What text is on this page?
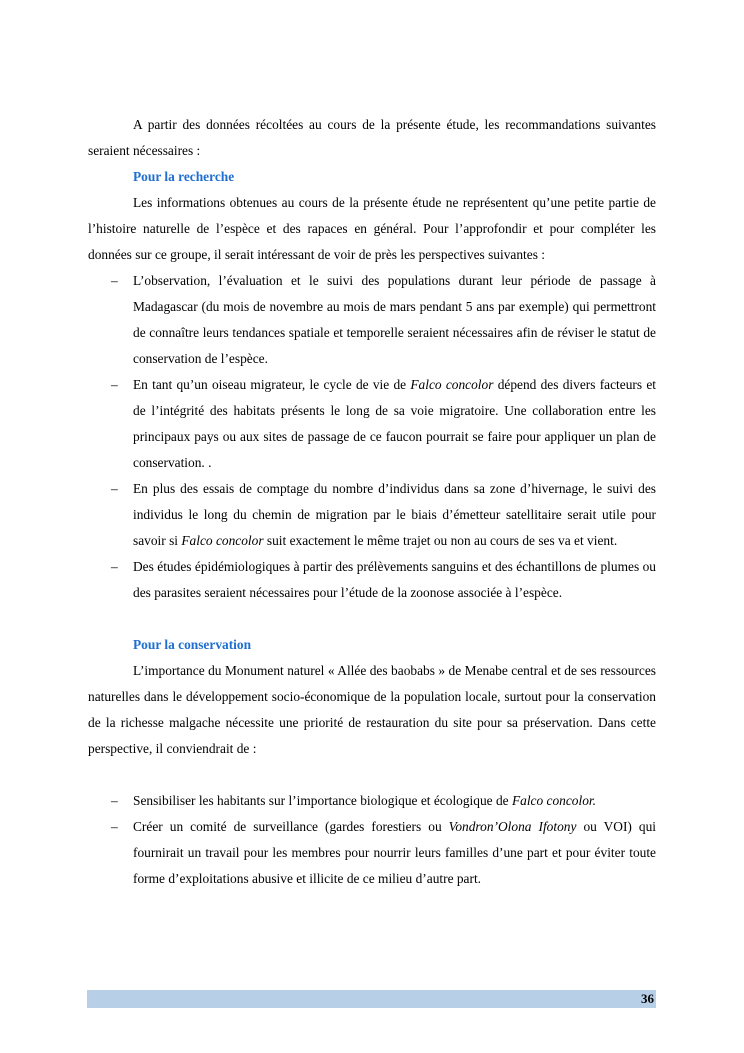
A partir des données récoltées au cours de la présente étude, les recommandations suivantes seraient nécessaires :

Pour la recherche

Les informations obtenues au cours de la présente étude ne représentent qu’une petite partie de l’histoire naturelle de l’espèce et des rapaces en général. Pour l’approfondir et pour compléter les données sur ce groupe, il serait intéressant de voir de près les perspectives suivantes :

– L’observation, l’évaluation et le suivi des populations durant leur période de passage à Madagascar (du mois de novembre au mois de mars pendant 5 ans par exemple) qui permettront de connaître leurs tendances spatiale et temporelle seraient nécessaires afin de réviser le statut de conservation de l’espèce.
– En tant qu’un oiseau migrateur, le cycle de vie de Falco concolor dépend des divers facteurs et de l’intégrité des habitats présents le long de sa voie migratoire. Une collaboration entre les principaux pays ou aux sites de passage de ce faucon pourrait se faire pour appliquer un plan de conservation. .
– En plus des essais de comptage du nombre d’individus dans sa zone d’hivernage, le suivi des individus le long du chemin de migration par le biais d’émetteur satellitaire serait utile pour savoir si Falco concolor suit exactement le même trajet ou non au cours de ses va et vient.
– Des études épidémiologiques à partir des prélèvements sanguins et des échantillons de plumes ou des parasites seraient nécessaires pour l’étude de la zoonose associée à l’espèce.
Pour la conservation

L’importance du Monument naturel « Allée des baobabs » de Menabe central et de ses ressources naturelles dans le développement socio-économique de la population locale, surtout pour la conservation de la richesse malgache nécessite une priorité de restauration du site pour sa préservation. Dans cette perspective, il conviendrait de :

– Sensibiliser les habitants sur l’importance biologique et écologique de Falco concolor.
– Créer un comité de surveillance (gardes forestiers ou Vondron’Olona Ifotony ou VOI) qui fournirait un travail pour les membres pour nourrir leurs familles d’une part et pour éviter toute forme d’exploitations abusive et illicite de ce milieu d’autre part.
36
